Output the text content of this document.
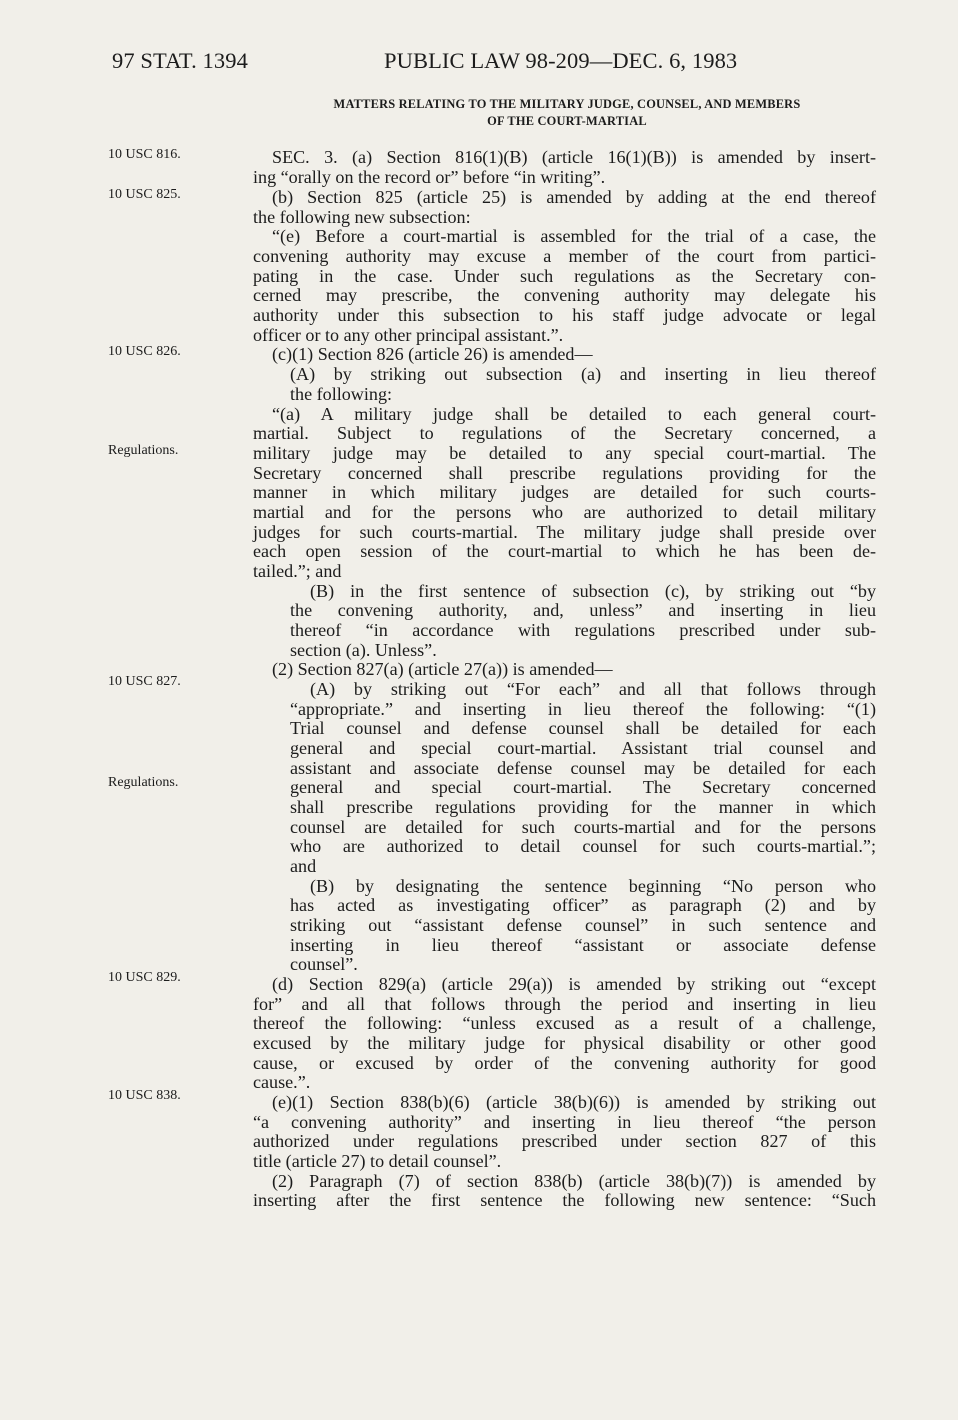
97 STAT. 1394	PUBLIC LAW 98-209—DEC. 6, 1983
MATTERS RELATING TO THE MILITARY JUDGE, COUNSEL, AND MEMBERS
OF THE COURT-MARTIAL
10 USC 816.
10 USC 825.
10 USC 826.
Regulations.
10 USC 827.
Regulations.
10 USC 829.
10 USC 838.
SEC. 3. (a) Section 816(1)(B) (article 16(1)(B)) is amended by insert-
ing “orally on the record or” before “in writing”.
(b) Section 825 (article 25) is amended by adding at the end thereof
the following new subsection:
“(e) Before a court-martial is assembled for the trial of a case, the
convening authority may excuse a member of the court from partici-
pating in the case. Under such regulations as the Secretary con-
cerned may prescribe, the convening authority may delegate his
authority under this subsection to his staff judge advocate or legal
officer or to any other principal assistant.”.
(c)(1) Section 826 (article 26) is amended—
(A) by striking out subsection (a) and inserting in lieu thereof
the following:
“(a) A military judge shall be detailed to each general court-
martial. Subject to regulations of the Secretary concerned, a
military judge may be detailed to any special court-martial. The
Secretary concerned shall prescribe regulations providing for the
manner in which military judges are detailed for such courts-
martial and for the persons who are authorized to detail military
judges for such courts-martial. The military judge shall preside over
each open session of the court-martial to which he has been de-
tailed.”; and
(B) in the first sentence of subsection (c), by striking out “by
the convening authority, and, unless” and inserting in lieu
thereof “in accordance with regulations prescribed under sub-
section (a). Unless”.
(2) Section 827(a) (article 27(a)) is amended—
(A) by striking out “For each” and all that follows through
“appropriate.” and inserting in lieu thereof the following: “(1)
Trial counsel and defense counsel shall be detailed for each
general and special court-martial. Assistant trial counsel and
assistant and associate defense counsel may be detailed for each
general and special court-martial. The Secretary concerned
shall prescribe regulations providing for the manner in which
counsel are detailed for such courts-martial and for the persons
who are authorized to detail counsel for such courts-martial.”;
and
(B) by designating the sentence beginning “No person who
has acted as investigating officer” as paragraph (2) and by
striking out “assistant defense counsel” in such sentence and
inserting in lieu thereof “assistant or associate defense
counsel”.
(d) Section 829(a) (article 29(a)) is amended by striking out “except
for” and all that follows through the period and inserting in lieu
thereof the following: “unless excused as a result of a challenge,
excused by the military judge for physical disability or other good
cause, or excused by order of the convening authority for good
cause.”.
(e)(1) Section 838(b)(6) (article 38(b)(6)) is amended by striking out
“a convening authority” and inserting in lieu thereof “the person
authorized under regulations prescribed under section 827 of this
title (article 27) to detail counsel”.
(2) Paragraph (7) of section 838(b) (article 38(b)(7)) is amended by
inserting after the first sentence the following new sentence: “Such
